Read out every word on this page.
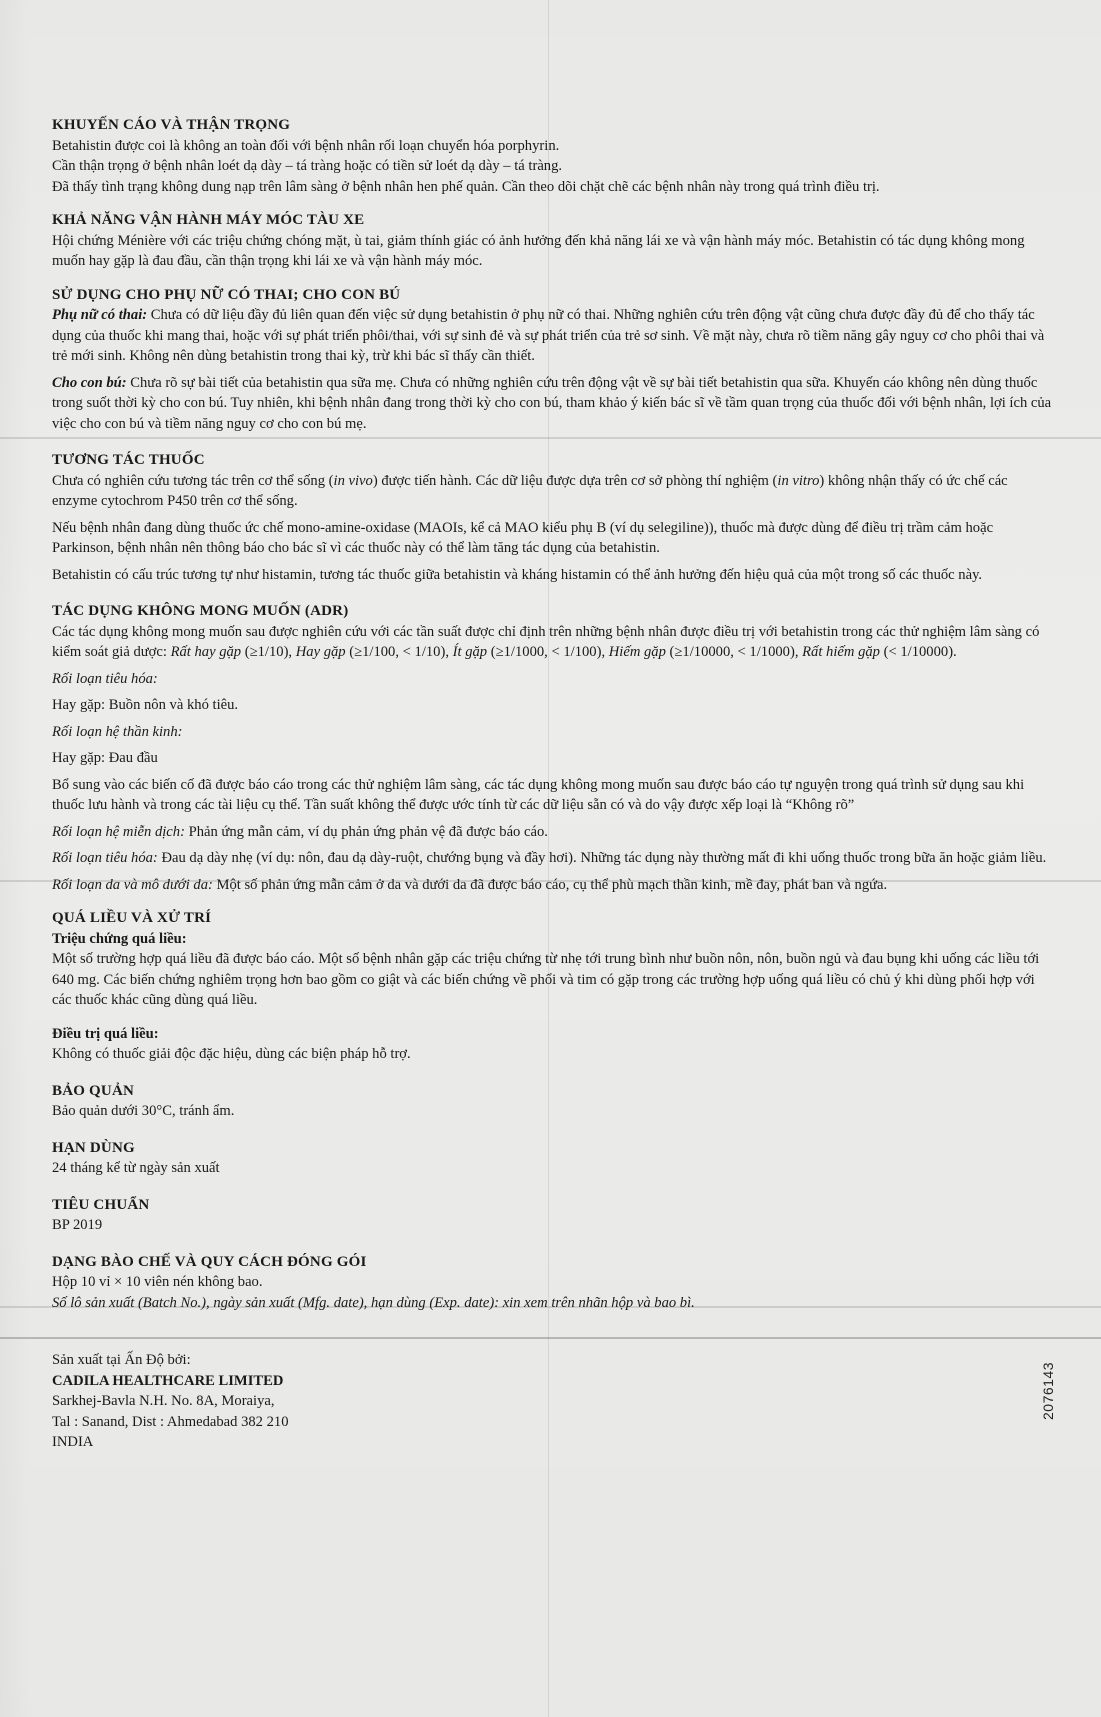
KHUYẾN CÁO VÀ THẬN TRỌNG

Betahistin được coi là không an toàn đối với bệnh nhân rối loạn chuyển hóa porphyrin.

Cần thận trọng ở bệnh nhân loét dạ dày – tá tràng hoặc có tiền sử loét dạ dày – tá tràng.

Đã thấy tình trạng không dung nạp trên lâm sàng ở bệnh nhân hen phế quản. Cần theo dõi chặt chẽ các bệnh nhân này trong quá trình điều trị.

KHẢ NĂNG VẬN HÀNH MÁY MÓC TÀU XE

Hội chứng Ménière với các triệu chứng chóng mặt, ù tai, giảm thính giác có ảnh hưởng đến khả năng lái xe và vận hành máy móc. Betahistin có tác dụng không mong muốn hay gặp là đau đầu, cần thận trọng khi lái xe và vận hành máy móc.

SỬ DỤNG CHO PHỤ NỮ CÓ THAI; CHO CON BÚ

Phụ nữ có thai: Chưa có dữ liệu đầy đủ liên quan đến việc sử dụng betahistin ở phụ nữ có thai. Những nghiên cứu trên động vật cũng chưa được đầy đủ để cho thấy tác dụng của thuốc khi mang thai, hoặc với sự phát triển phôi/thai, với sự sinh đẻ và sự phát triển của trẻ sơ sinh. Về mặt này, chưa rõ tiềm năng gây nguy cơ cho phôi thai và trẻ mới sinh. Không nên dùng betahistin trong thai kỳ, trừ khi bác sĩ thấy cần thiết.

Cho con bú: Chưa rõ sự bài tiết của betahistin qua sữa mẹ. Chưa có những nghiên cứu trên động vật về sự bài tiết betahistin qua sữa. Khuyến cáo không nên dùng thuốc trong suốt thời kỳ cho con bú. Tuy nhiên, khi bệnh nhân đang trong thời kỳ cho con bú, tham khảo ý kiến bác sĩ về tầm quan trọng của thuốc đối với bệnh nhân, lợi ích của việc cho con bú và tiềm năng nguy cơ cho con bú mẹ.

TƯƠNG TÁC THUỐC

Chưa có nghiên cứu tương tác trên cơ thể sống (in vivo) được tiến hành. Các dữ liệu được dựa trên cơ sở phòng thí nghiệm (in vitro) không nhận thấy có ức chế các enzyme cytochrom P450 trên cơ thể sống.

Nếu bệnh nhân đang dùng thuốc ức chế mono-amine-oxidase (MAOIs, kể cả MAO kiểu phụ B (ví dụ selegiline)), thuốc mà được dùng để điều trị trầm cảm hoặc Parkinson, bệnh nhân nên thông báo cho bác sĩ vì các thuốc này có thể làm tăng tác dụng của betahistin.

Betahistin có cấu trúc tương tự như histamin, tương tác thuốc giữa betahistin và kháng histamin có thể ảnh hưởng đến hiệu quả của một trong số các thuốc này.

TÁC DỤNG KHÔNG MONG MUỐN (ADR)

Các tác dụng không mong muốn sau được nghiên cứu với các tần suất được chỉ định trên những bệnh nhân được điều trị với betahistin trong các thử nghiệm lâm sàng có kiểm soát giả dược: Rất hay gặp (≥1/10), Hay gặp (≥1/100, < 1/10), Ít gặp (≥1/1000, < 1/100), Hiếm gặp (≥1/10000, < 1/1000), Rất hiếm gặp (< 1/10000).

Rối loạn tiêu hóa:

Hay gặp: Buồn nôn và khó tiêu.

Rối loạn hệ thần kinh:

Hay gặp: Đau đầu

Bổ sung vào các biến cố đã được báo cáo trong các thử nghiệm lâm sàng, các tác dụng không mong muốn sau được báo cáo tự nguyện trong quá trình sử dụng sau khi thuốc lưu hành và trong các tài liệu cụ thể. Tần suất không thể được ước tính từ các dữ liệu sẵn có và do vậy được xếp loại là “Không rõ”

Rối loạn hệ miễn dịch: Phản ứng mẫn cảm, ví dụ phản ứng phản vệ đã được báo cáo.

Rối loạn tiêu hóa: Đau dạ dày nhẹ (ví dụ: nôn, đau dạ dày-ruột, chướng bụng và đầy hơi). Những tác dụng này thường mất đi khi uống thuốc trong bữa ăn hoặc giảm liều.

Rối loạn da và mô dưới da: Một số phản ứng mẫn cảm ở da và dưới da đã được báo cáo, cụ thể phù mạch thần kinh, mề đay, phát ban và ngứa.

QUÁ LIỀU VÀ XỬ TRÍ

Triệu chứng quá liều:

Một số trường hợp quá liều đã được báo cáo. Một số bệnh nhân gặp các triệu chứng từ nhẹ tới trung bình như buồn nôn, nôn, buồn ngủ và đau bụng khi uống các liều tới 640 mg. Các biến chứng nghiêm trọng hơn bao gồm co giật và các biến chứng về phổi và tim có gặp trong các trường hợp uống quá liều có chủ ý khi dùng phối hợp với các thuốc khác cũng dùng quá liều.

Điều trị quá liều:

Không có thuốc giải độc đặc hiệu, dùng các biện pháp hỗ trợ.

BẢO QUẢN

Bảo quản dưới 30°C, tránh ẩm.

HẠN DÙNG

24 tháng kể từ ngày sản xuất

TIÊU CHUẨN

BP 2019

DẠNG BÀO CHẾ VÀ QUY CÁCH ĐÓNG GÓI

Hộp 10 vỉ × 10 viên nén không bao.

Số lô sản xuất (Batch No.), ngày sản xuất (Mfg. date), hạn dùng (Exp. date): xin xem trên nhãn hộp và bao bì.

Sản xuất tại Ấn Độ bởi:

CADILA HEALTHCARE LIMITED

Sarkhej-Bavla N.H. No. 8A, Moraiya,

Tal : Sanand, Dist : Ahmedabad 382 210

INDIA

2076143
